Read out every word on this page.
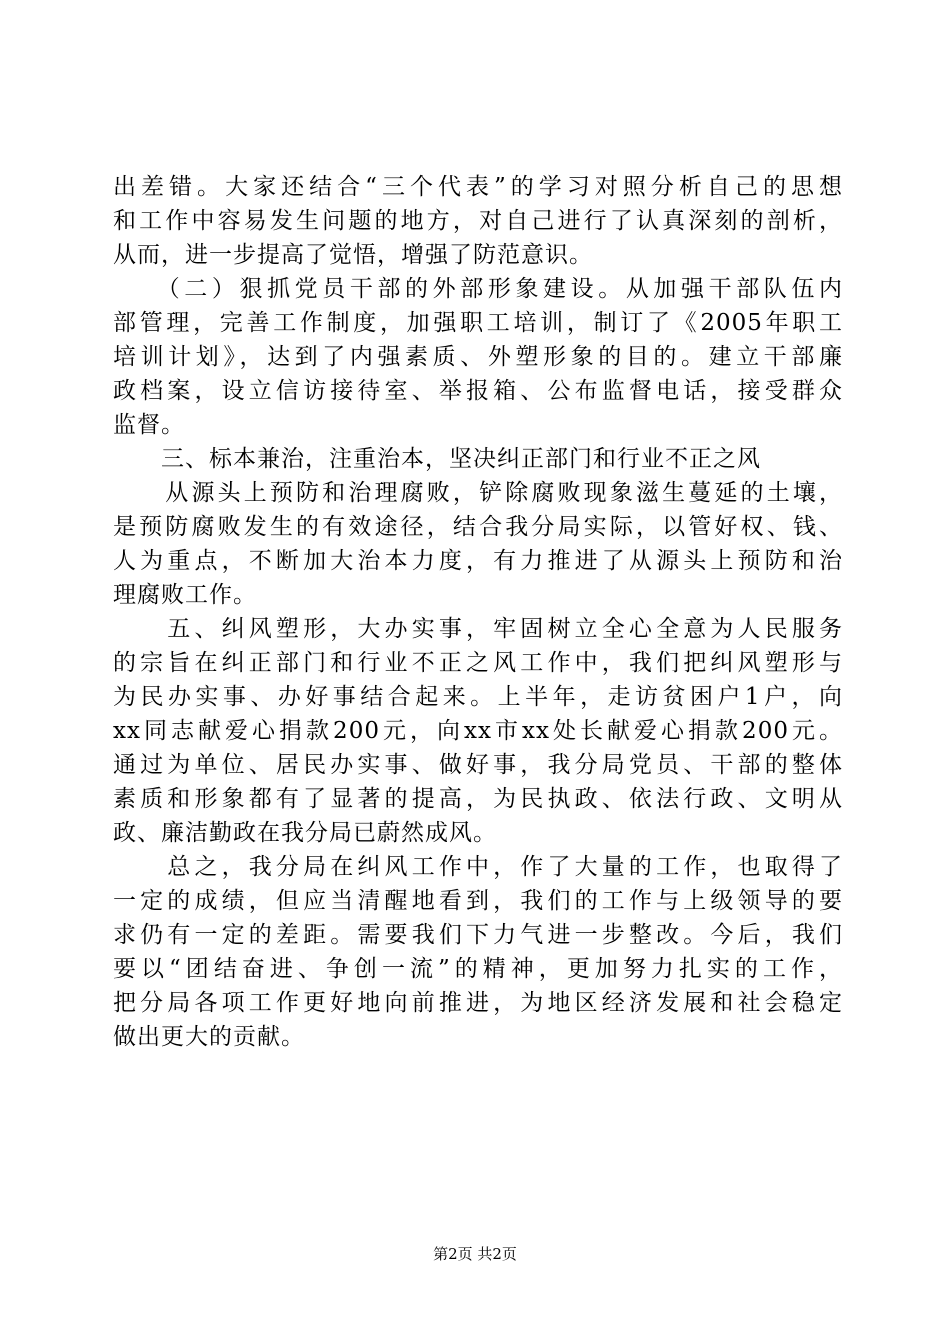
出差错。大家还结合“三个代表”的学习对照分析自己的思想
和工作中容易发生问题的地方，对自己进行了认真深刻的剖析，
从而，进一步提高了觉悟，增强了防范意识。
　　（二）狠抓党员干部的外部形象建设。从加强干部队伍内
部管理，完善工作制度，加强职工培训，制订了《2005年职工
培训计划》，达到了内强素质、外塑形象的目的。建立干部廉
政档案，设立信访接待室、举报箱、公布监督电话，接受群众
监督。
　　三、标本兼治，注重治本，坚决纠正部门和行业不正之风
　　从源头上预防和治理腐败，铲除腐败现象滋生蔓延的土壤，
是预防腐败发生的有效途径，结合我分局实际，以管好权、钱、
人为重点，不断加大治本力度，有力推进了从源头上预防和治
理腐败工作。
　　五、纠风塑形，大办实事，牢固树立全心全意为人民服务
的宗旨在纠正部门和行业不正之风工作中，我们把纠风塑形与
为民办实事、办好事结合起来。上半年，走访贫困户1户，向
xx同志献爱心捐款200元，向xx市xx处长献爱心捐款200元。
通过为单位、居民办实事、做好事，我分局党员、干部的整体
素质和形象都有了显著的提高，为民执政、依法行政、文明从
政、廉洁勤政在我分局已蔚然成风。
　　总之，我分局在纠风工作中，作了大量的工作，也取得了
一定的成绩，但应当清醒地看到，我们的工作与上级领导的要
求仍有一定的差距。需要我们下力气进一步整改。今后，我们
要以“团结奋进、争创一流”的精神，更加努力扎实的工作，
把分局各项工作更好地向前推进，为地区经济发展和社会稳定
做出更大的贡献。
第2页 共2页
